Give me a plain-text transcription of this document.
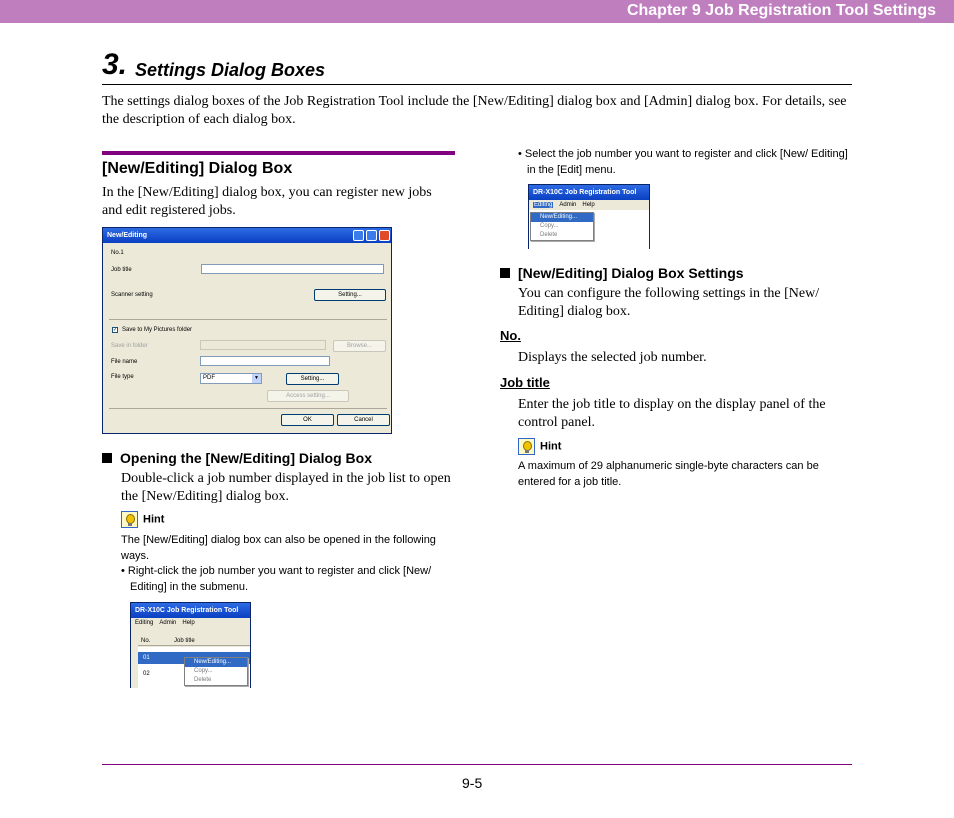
Chapter 9 Job Registration Tool Settings
3. Settings Dialog Boxes
The settings dialog boxes of the Job Registration Tool include the [New/Editing] dialog box and [Admin] dialog box. For details, see the description of each dialog box.
[New/Editing] Dialog Box
In the [New/Editing] dialog box, you can register new jobs and edit registered jobs.
New/Editing
No.1
Job title
Scanner setting	Setting...
✓ Save to My Pictures folder
Save in folder	Browse...
File name
File type	PDF	▼	Setting...
Access setting...
OK	Cancel
Opening the [New/Editing] Dialog Box
Double-click a job number displayed in the job list to open the [New/Editing] dialog box.
Hint
The [New/Editing] dialog box can also be opened in the following ways.
• Right-click the job number you want to register and click [New/ Editing] in the submenu.
DR-X10C Job Registration Tool
Editing Admin Help
No.	Job title
01
02
New/Editing...
Copy...
Delete
• Select the job number you want to register and click [New/ Editing] in the [Edit] menu.
DR-X10C Job Registration Tool
Editing Admin Help
New/Editing...
Copy...
Delete
[New/Editing] Dialog Box Settings
You can configure the following settings in the [New/ Editing] dialog box.
No.
Displays the selected job number.
Job title
Enter the job title to display on the display panel of the control panel.
Hint
A maximum of 29 alphanumeric single-byte characters can be entered for a job title.
9-5
